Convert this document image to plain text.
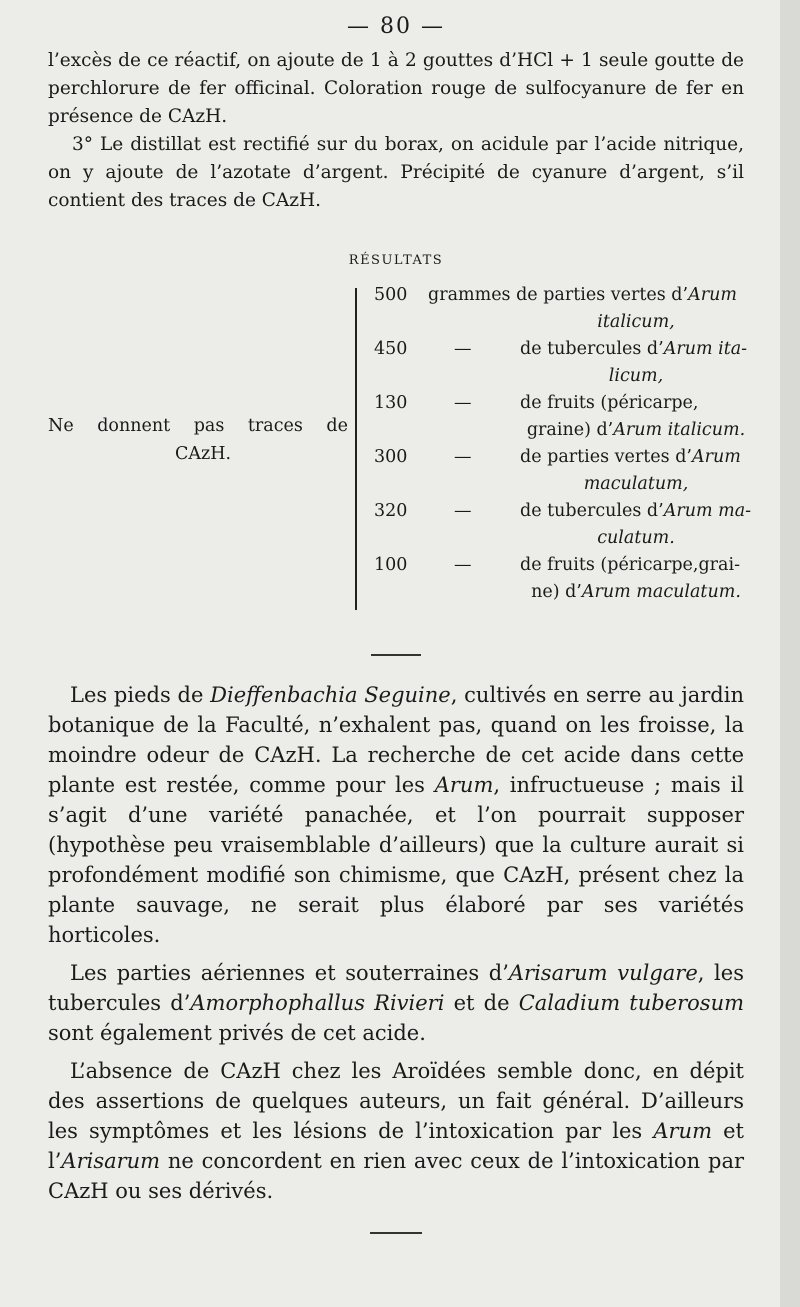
— 80 —

l’excès de ce réactif, on ajoute de 1 à 2 gouttes d’HCl + 1 seule goutte de perchlorure de fer officinal. Coloration rouge de sulfocyanure de fer en présence de CAzH.

3° Le distillat est rectifié sur du borax, on acidule par l’acide nitrique, on y ajoute de l’azotate d’argent. Précipité de cyanure d’argent, s’il contient des traces de CAzH.

RÉSULTATS
Ne donnent pas traces de
CAzH.
500 grammes de parties vertes d’Arum
italicum,
450	—	de tubercules d’Arum ita-
licum,
130	—	de fruits (péricarpe,
graine) d’Arum italicum.
300	—	de parties vertes d’Arum
maculatum,
320	—	de tubercules d’Arum ma-
culatum.
100	—	de fruits (péricarpe,grai-
ne) d’Arum maculatum.

Les pieds de Dieffenbachia Seguine, cultivés en serre au jardin botanique de la Faculté, n’exhalent pas, quand on les froisse, la moindre odeur de CAzH. La recherche de cet acide dans cette plante est restée, comme pour les Arum, infructueuse ; mais il s’agit d’une variété panachée, et l’on pourrait supposer (hypothèse peu vraisemblable d’ailleurs) que la culture aurait si profondément modifié son chimisme, que CAzH, présent chez la plante sauvage, ne serait plus élaboré par ses variétés horticoles.

Les parties aériennes et souterraines d’Arisarum vulgare, les tubercules d’Amorphophallus Rivieri et de Caladium tuberosum sont également privés de cet acide.

L’absence de CAzH chez les Aroïdées semble donc, en dépit des assertions de quelques auteurs, un fait général. D’ailleurs les symptômes et les lésions de l’intoxication par les Arum et l’Arisarum ne concordent en rien avec ceux de l’intoxication par CAzH ou ses dérivés.
